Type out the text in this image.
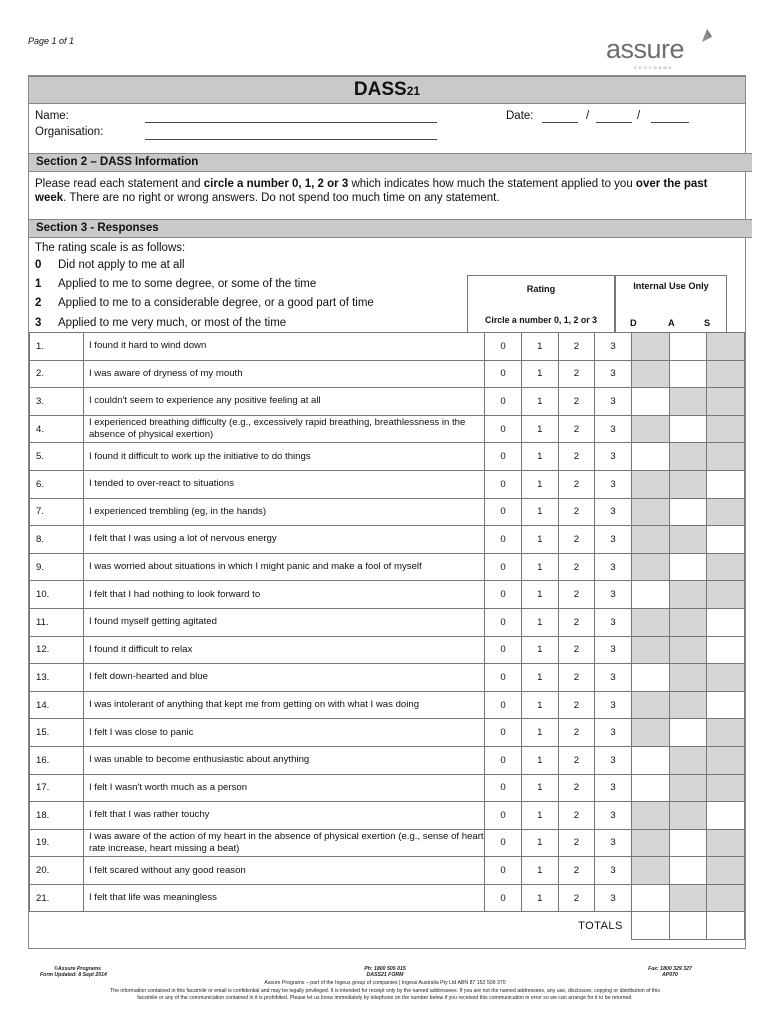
Page 1 of 1	assure
PROGRAMS
DASS21
Name:
Organisation:
Date:	/	/
Section 2 – DASS Information
Please read each statement and circle a number 0, 1, 2 or 3 which indicates how much the statement applied to you over the past week. There are no right or wrong answers. Do not spend too much time on any statement.
Section 3 - Responses
The rating scale is as follows:
0 Did not apply to me at all
1 Applied to me to some degree, or some of the time
2 Applied to me to a considerable degree, or a good part of time
3 Applied to me very much, or most of the time
Rating
Circle a number 0, 1, 2 or 3
Internal Use Only
D	A	S
1.	I found it hard to wind down	0	1	2	3			
2.	I was aware of dryness of my mouth	0	1	2	3			
3.	I couldn't seem to experience any positive feeling at all	0	1	2	3			
4.	I experienced breathing difficulty (e.g., excessively rapid breathing, breathlessness in the absence of physical exertion)	0	1	2	3			
5.	I found it difficult to work up the initiative to do things	0	1	2	3			
6.	I tended to over-react to situations	0	1	2	3			
7.	I experienced trembling (eg, in the hands)	0	1	2	3			
8.	I felt that I was using a lot of nervous energy	0	1	2	3			
9.	I was worried about situations in which I might panic and make a fool of myself	0	1	2	3			
10.	I felt that I had nothing to look forward to	0	1	2	3			
11.	I found myself getting agitated	0	1	2	3			
12.	I found it difficult to relax	0	1	2	3			
13.	I felt down-hearted and blue	0	1	2	3			
14.	I was intolerant of anything that kept me from getting on with what I was doing	0	1	2	3			
15.	I felt I was close to panic	0	1	2	3			
16.	I was unable to become enthusiastic about anything	0	1	2	3			
17.	I felt I wasn't worth much as a person	0	1	2	3			
18.	I felt that I was rather touchy	0	1	2	3			
19.	I was aware of the action of my heart in the absence of physical exertion (e.g., sense of heart rate increase, heart missing a beat)	0	1	2	3			
20.	I felt scared without any good reason	0	1	2	3			
21.	I felt that life was meaningless	0	1	2	3			
		TOTALS						
©Assure Programs
Form Updated: 8 Sept 2014
Ph: 1800 505 015
DASS21 FORM
Fax: 1800 329 327
AP070
Assure Programs – part of the Ingeus group of companies | Ingeus Australia Pty Ltd ABN 87 152 509 370
The information contained in this facsimile or email is confidential and may be legally privileged. It is intended for receipt only by the named addressees. If you are not the named addressees, any use, disclosure, copying or distribution of this
facsimile or any of the communication contained in it is prohibited. Please let us know immediately by telephone on the number below if you received this communication in error so we can arrange for it to be returned.
